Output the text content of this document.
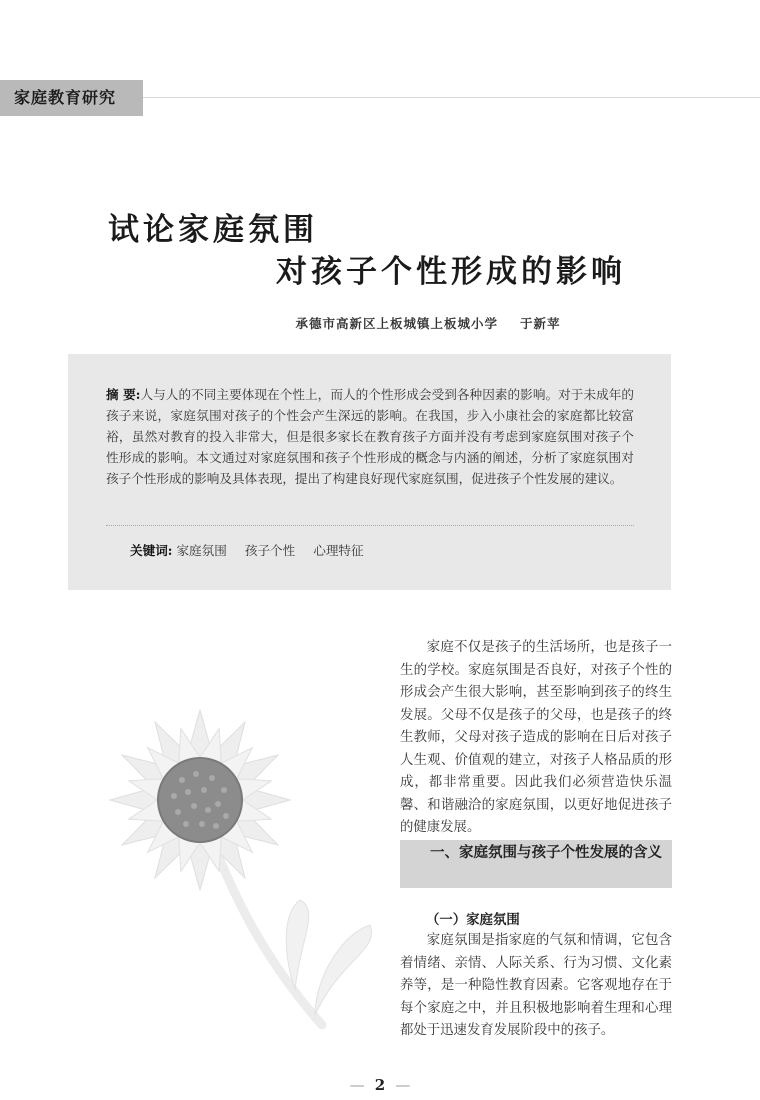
家庭教育研究
试论家庭氛围
对孩子个性形成的影响
承德市高新区上板城镇上板城小学 于新苹
摘 要:人与人的不同主要体现在个性上，而人的个性形成会受到各种因素的影响。对于未成年的孩子来说，家庭氛围对孩子的个性会产生深远的影响。在我国，步入小康社会的家庭都比较富裕，虽然对教育的投入非常大，但是很多家长在教育孩子方面并没有考虑到家庭氛围对孩子个性形成的影响。本文通过对家庭氛围和孩子个性形成的概念与内涵的阐述，分析了家庭氛围对孩子个性形成的影响及具体表现，提出了构建良好现代家庭氛围，促进孩子个性发展的建议。
关键词: 家庭氛围 孩子个性 心理特征
家庭不仅是孩子的生活场所，也是孩子一生的学校。家庭氛围是否良好，对孩子个性的形成会产生很大影响，甚至影响到孩子的终生发展。父母不仅是孩子的父母，也是孩子的终生教师，父母对孩子造成的影响在日后对孩子人生观、价值观的建立，对孩子人格品质的形成，都非常重要。因此我们必须营造快乐温馨、和谐融洽的家庭氛围，以更好地促进孩子的健康发展。
一、家庭氛围与孩子个性发展的含义
（一）家庭氛围
家庭氛围是指家庭的气氛和情调，它包含着情绪、亲情、人际关系、行为习惯、文化素养等，是一种隐性教育因素。它客观地存在于每个家庭之中，并且积极地影响着生理和心理都处于迅速发育发展阶段中的孩子。
— 2 —
